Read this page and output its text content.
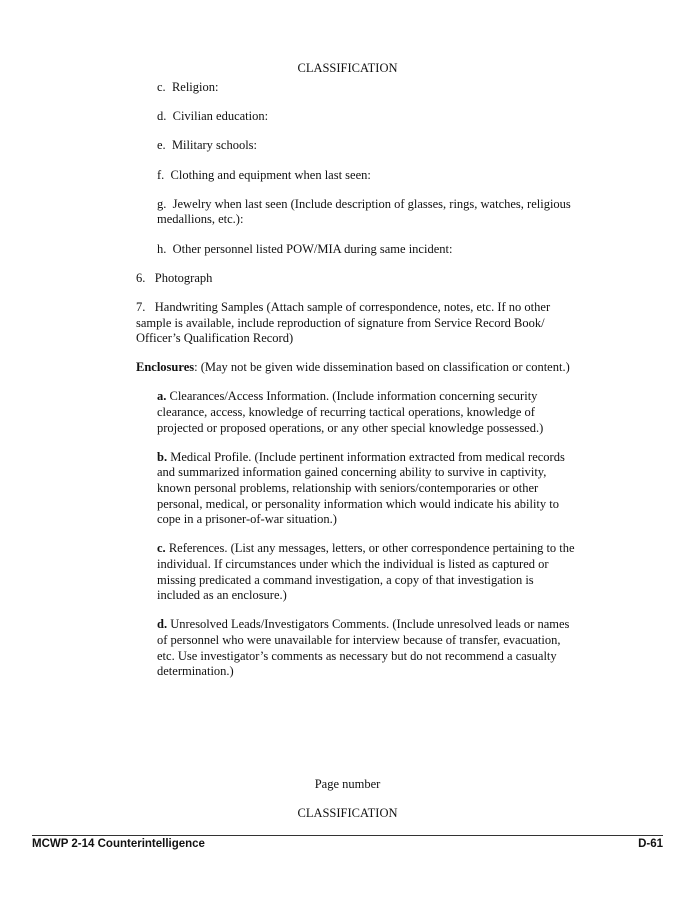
CLASSIFICATION

c. Religion:

d. Civilian education:

e. Military schools:

f. Clothing and equipment when last seen:

g. Jewelry when last seen (Include description of glasses, rings, watches, religious medallions, etc.):

h. Other personnel listed POW/MIA during same incident:

6. Photograph

7. Handwriting Samples (Attach sample of correspondence, notes, etc. If no other sample is available, include reproduction of signature from Service Record Book/ Officer’s Qualification Record)

Enclosures: (May not be given wide dissemination based on classification or content.)

a. Clearances/Access Information. (Include information concerning security clearance, access, knowledge of recurring tactical operations, knowledge of projected or proposed operations, or any other special knowledge possessed.)

b. Medical Profile. (Include pertinent information extracted from medical records and summarized information gained concerning ability to survive in captivity, known personal problems, relationship with seniors/contemporaries or other personal, medical, or personality information which would indicate his ability to cope in a prisoner-of-war situation.)

c. References. (List any messages, letters, or other correspondence pertaining to the individual. If circumstances under which the individual is listed as captured or missing predicated a command investigation, a copy of that investigation is included as an enclosure.)

d. Unresolved Leads/Investigators Comments. (Include unresolved leads or names of personnel who were unavailable for interview because of transfer, evacuation, etc. Use investigator’s comments as necessary but do not recommend a casualty determination.)

Page number
CLASSIFICATION
MCWP 2-14 Counterintelligence	D-61
